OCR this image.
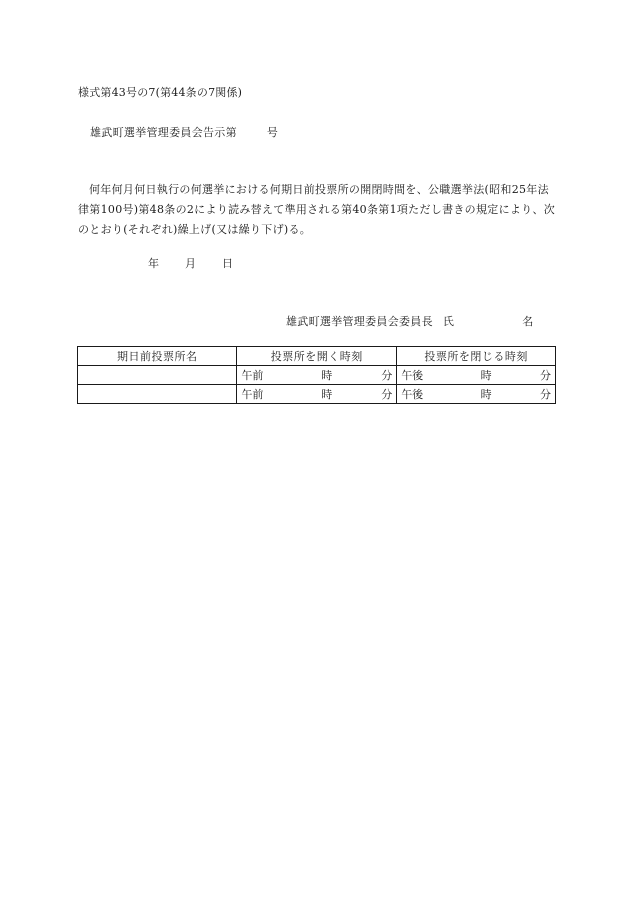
様式第43号の7(第44条の7関係)
雄武町選挙管理委員会告示第	号
何年何月何日執行の何選挙における何期日前投票所の開閉時間を、公職選挙法(昭和25年法律第100号)第48条の2により読み替えて準用される第40条第1項ただし書きの規定により、次のとおり(それぞれ)繰上げ(又は繰り下げ)る。
年 月 日
雄武町選挙管理委員会委員長 氏	名
期日前投票所名	投票所を開く時刻	投票所を閉じる時刻

	午前 時 分	午後 時 分

	午前 時 分	午後 時 分
